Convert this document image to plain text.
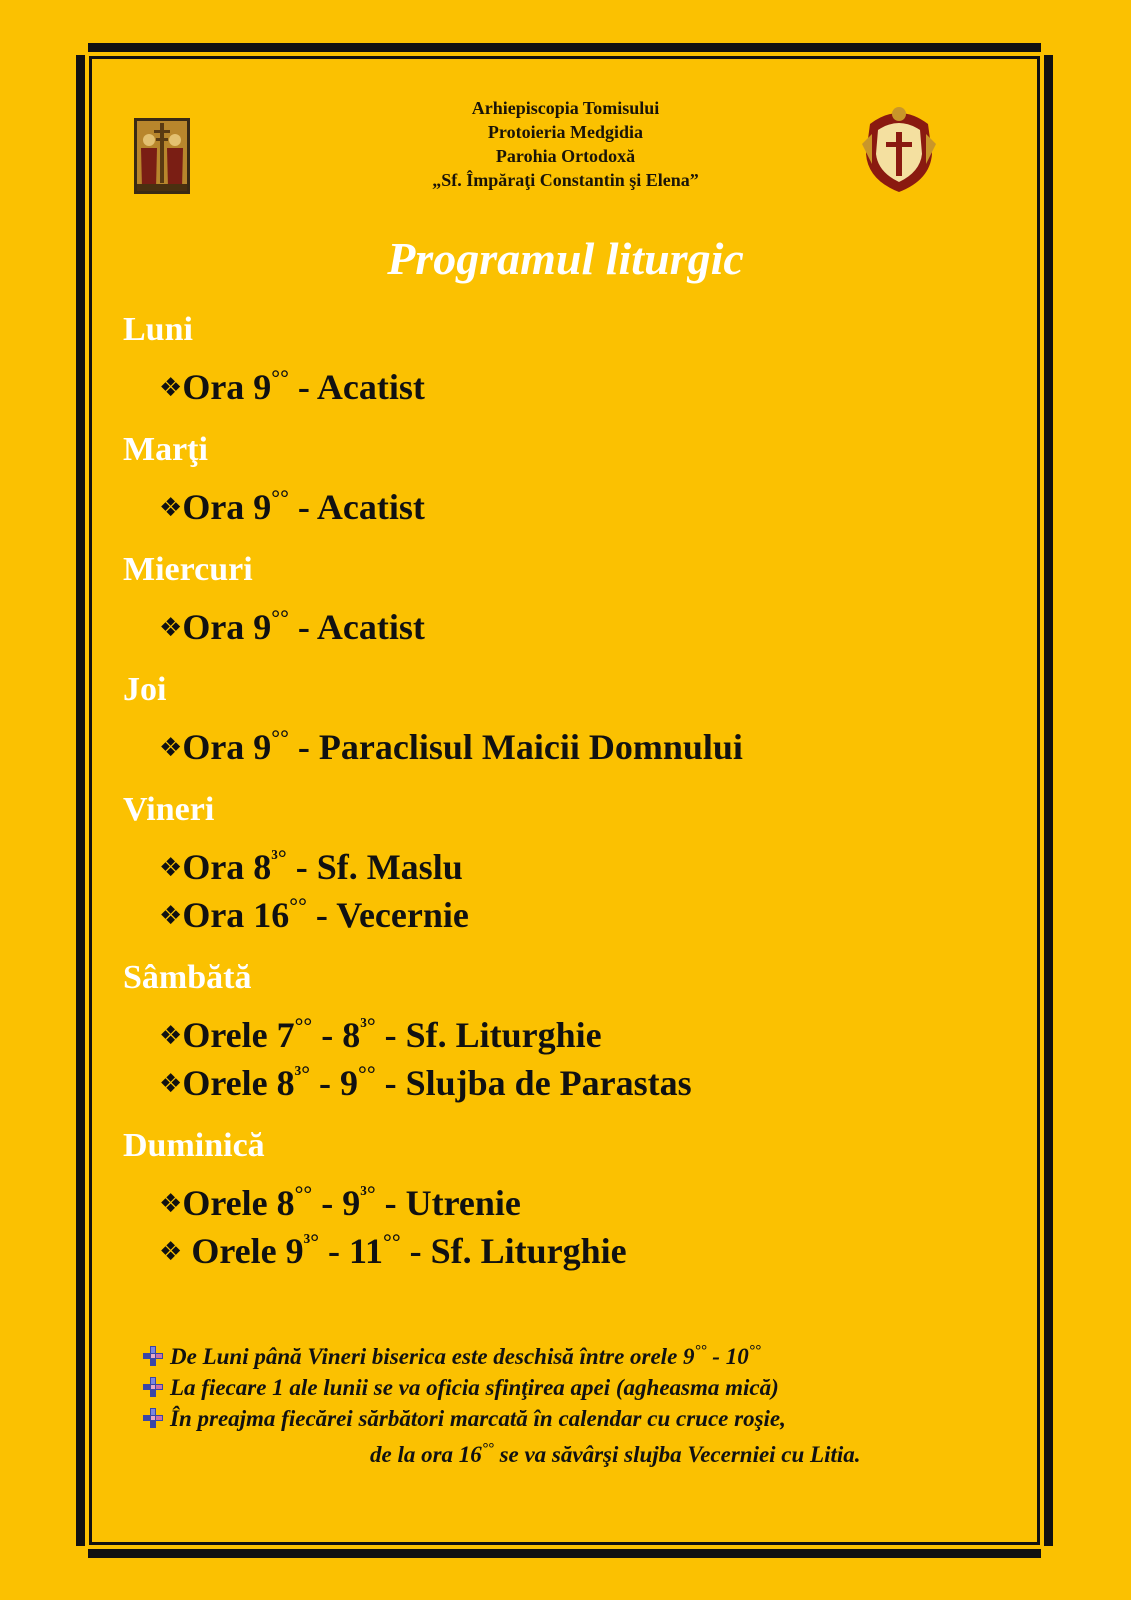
Arhiepiscopia Tomisului
Protoieria Medgidia
Parohia Ortodoxă
„Sf. Împăraţi Constantin şi Elena”
Programul liturgic
Luni
❖Ora 9°° - Acatist
Marţi
❖Ora 9°° - Acatist
Miercuri
❖Ora 9°° - Acatist
Joi
❖Ora 9°° - Paraclisul Maicii Domnului
Vineri
❖Ora $8^{^3^\circ}$ - Sf. Maslu
❖Ora 16°° - Vecernie
Sâmbătă
❖Orele $7^{^\circ^\circ} - 8^{^3^\circ}$ - Sf. Liturghie
❖Orele $8^{^3^\circ} - 9^{^\circ^\circ}$ - Slujba de Parastas
Duminică
❖Orele $8^{^\circ^\circ} - 9^{^3^\circ}$ - Utrenie
❖ Orele $9^{^3^\circ} - 11^{^\circ^\circ}$ - Sf. Liturghie
De Luni până Vineri biserica este deschisă între orele 9°° - 10°°
La fiecare 1 ale lunii se va oficia sfinţirea apei (agheasma mică)
În preajma fiecărei sărbători marcată în calendar cu cruce roşie,
de la ora 16°° se va săvârşi slujba Vecerniei cu Litia.
